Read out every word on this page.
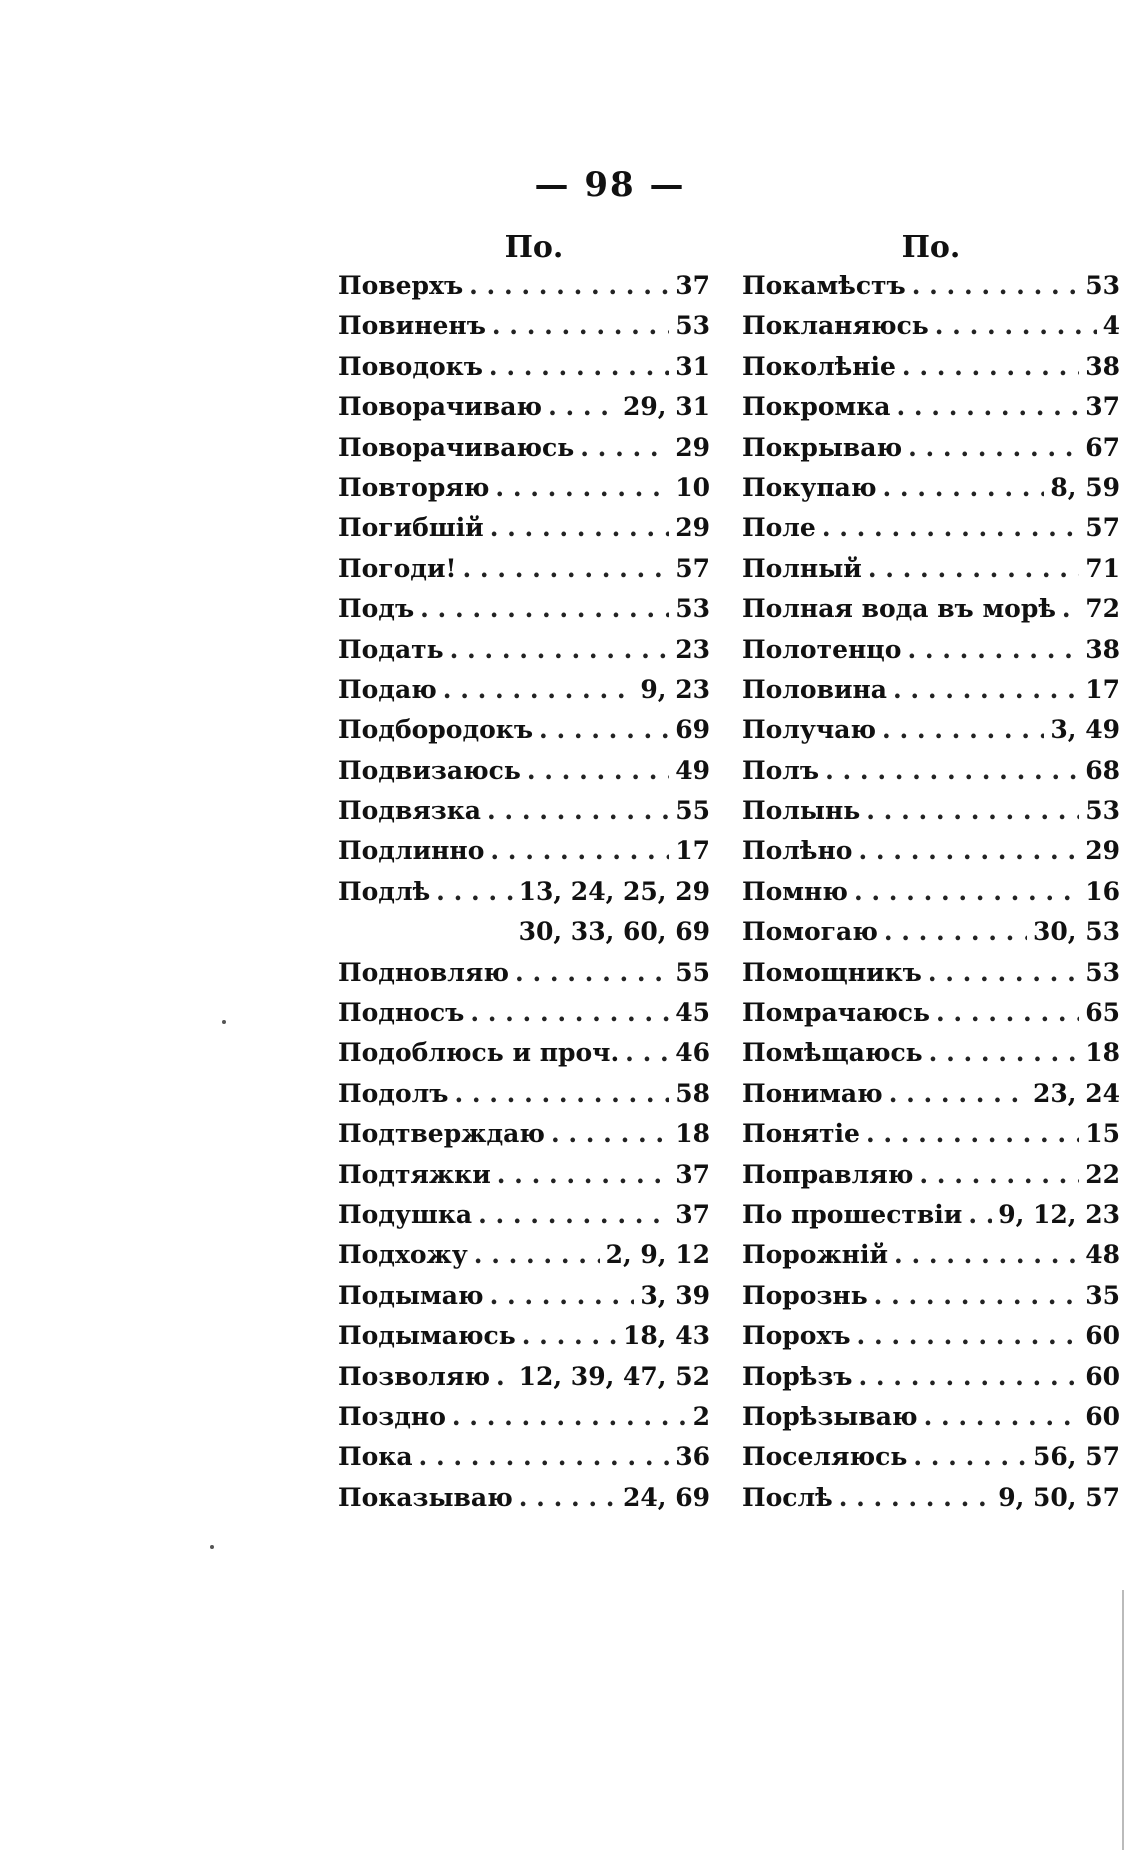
— 98 —
По.
Поверхъ . . .	37
Повиненъ . . .	53
Поводокъ . . .	31
Поворачиваю . . .	29, 31
Поворачиваюсь . . .	29
Повторяю . . .	10
Погибшій . . .	29
Погоди! . . .	57
Подъ . . .	53
Подать . . .	23
Подаю . . .	9, 23
Подбородокъ . . .	69
Подвизаюсь . . .	49
Подвязка . . .	55
Подлинно . . .	17
Подлѣ . . .	13, 24, 25, 29
30, 33, 60, 69
Подновляю . . .	55
Подносъ . . .	45
Подоблюсь и проч. . . . 46
Подолъ . . .	58
Подтверждаю . . .	18
Подтяжки . . .	37
Подушка . . .	37
Подхожу . . .	2, 9, 12
Подымаю . . .	3, 39
Подымаюсь . . .	18, 43
Позволяю . . . 12, 39, 47, 52
Поздно . . .	2
Пока . . .	36
Показываю . . .	24, 69
По.
Покамѣстъ . . .	53
Покланяюсь . . .	4
Поколѣніе . . .	38
Покромка . . .	37
Покрываю . . .	67
Покупаю . . .	8, 59
Поле . . .	57
Полный . . .	71
Полная вода въ морѣ . . . 72
Полотенцо . . .	38
Половина . . .	17
Получаю . . .	3, 49
Полъ . . .	68
Полынь . . .	53
Полѣно . . .	29
Помню . . .	16
Помогаю . . .	30, 53
Помощникъ . . .	53
Помрачаюсь . . .	65
Помѣщаюсь . . .	18
Понимаю . . .	23, 24
Понятіе . . .	15
Поправляю . . .	22
По прошествіи . . . 9, 12, 23
Порожній . . .	48
Порознь . . .	35
Порохъ . . .	60
Порѣзъ . . .	60
Порѣзываю . . .	60
Поселяюсь . . .	56, 57
Послѣ . . .	9, 50, 57
